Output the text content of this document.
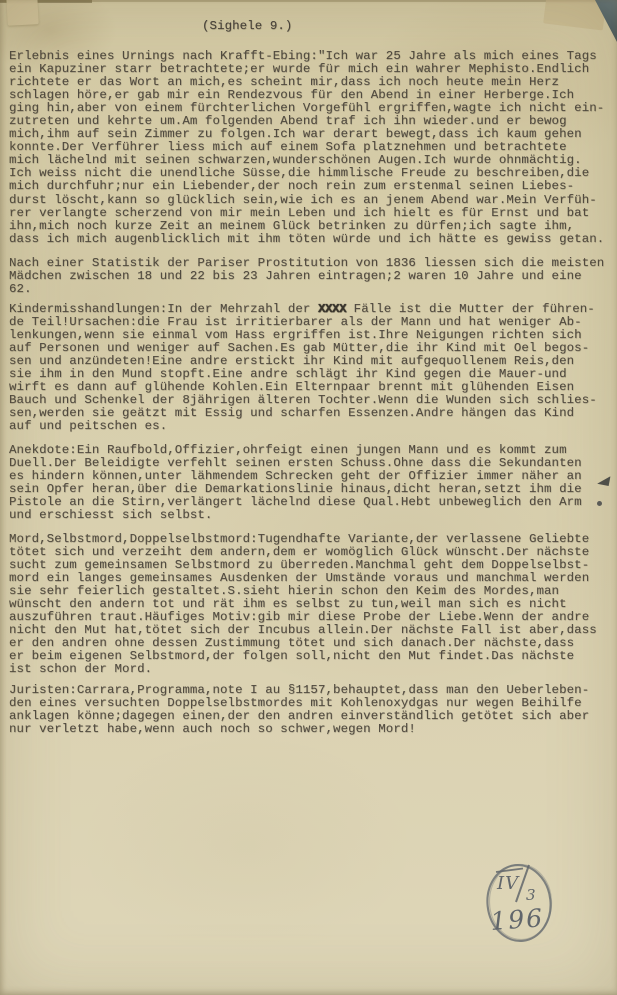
(Sighele 9.)
Erlebnis eines Urnings nach Krafft-Ebing:"Ich war 25 Jahre als mich eines Tags
ein Kapuziner starr betrachtete;er wurde für mich ein wahrer Mephisto.Endlich
richtete er das Wort an mich,es scheint mir,dass ich noch heute mein Herz
schlagen höre,er gab mir ein Rendezvous für den Abend in einer Herberge.Ich
ging hin,aber von einem fürchterlichen Vorgefühl ergriffen,wagte ich nicht ein-
zutreten und kehrte um.Am folgenden Abend traf ich ihn wieder.und er bewog
mich,ihm auf sein Zimmer zu folgen.Ich war derart bewegt,dass ich kaum gehen
konnte.Der Verführer liess mich auf einem Sofa platznehmen und betrachtete
mich lächelnd mit seinen schwarzen,wunderschönen Augen.Ich wurde ohnmächtig.
Ich weiss nicht die unendliche Süsse,die himmlische Freude zu beschreiben,die
mich durchfuhr;nur ein Liebender,der noch rein zum erstenmal seinen Liebes-
durst löscht,kann so glücklich sein,wie ich es an jenem Abend war.Mein Verfüh-
rer verlangte scherzend von mir mein Leben und ich hielt es für Ernst und bat
ihn,mich noch kurze Zeit an meinem Glück betrinken zu dürfen;ich sagte ihm,
dass ich mich augenblicklich mit ihm töten würde und ich hätte es gewiss getan.
Nach einer Statistik der Pariser Prostitution von 1836 liessen sich die meisten
Mädchen zwischen 18 und 22 bis 23 Jahren eintragen;2 waren 10 Jahre und eine
62.
Kindermisshandlungen:In der Mehrzahl der XXXX Fälle ist die Mutter der führen-
de Teil!Ursachen:die Frau ist irritierbarer als der Mann und hat weniger Ab-
lenkungen,wenn sie einmal vom Hass ergriffen ist.Ihre Neigungen richten sich
auf Personen und weniger auf Sachen.Es gab Mütter,die ihr Kind mit Oel begos-
sen und anzündeten!Eine andre erstickt ihr Kind mit aufgequollenem Reis,den
sie ihm in den Mund stopft.Eine andre schlägt ihr Kind gegen die Mauer-und
wirft es dann auf glühende Kohlen.Ein Elternpaar brennt mit glühenden Eisen
Bauch und Schenkel der 8jährigen älteren Tochter.Wenn die Wunden sich schlies-
sen,werden sie geätzt mit Essig und scharfen Essenzen.Andre hängen das Kind
auf und peitschen es.
Anekdote:Ein Raufbold,Offizier,ohrfeigt einen jungen Mann und es kommt zum
Duell.Der Beleidigte verfehlt seinen ersten Schuss.Ohne dass die Sekundanten
es hindern können,unter lähmendem Schrecken geht der Offizier immer näher an
sein Opfer heran,über die Demarkationslinie hinaus,dicht heran,setzt ihm die
Pistole an die Stirn,verlängert lächelnd diese Qual.Hebt unbeweglich den Arm
und erschiesst sich selbst.
Mord,Selbstmord,Doppelselbstmord:Tugendhafte Variante,der verlassene Geliebte
tötet sich und verzeiht dem andern,dem er womöglich Glück wünscht.Der nächste
sucht zum gemeinsamen Selbstmord zu überreden.Manchmal geht dem Doppelselbst-
mord ein langes gemeinsames Ausdenken der Umstände voraus und manchmal werden
sie sehr feierlich gestaltet.S.sieht hierin schon den Keim des Mordes,man
wünscht den andern tot und rät ihm es selbst zu tun,weil man sich es nicht
auszuführen traut.Häufiges Motiv:gib mir diese Probe der Liebe.Wenn der andre
nicht den Mut hat,tötet sich der Incubus allein.Der nächste Fall ist aber,dass
er den andren ohne dessen Zustimmung tötet und sich danach.Der nächste,dass
er beim eigenen Selbstmord,der folgen soll,nicht den Mut findet.Das nächste
ist schon der Mord.
Juristen:Carrara,Programma,note I au §1157,behauptet,dass man den Ueberleben-
den eines versuchten Doppelselbstmordes mit Kohlenoxydgas nur wegen Beihilfe
anklagen könne;dagegen einen,der den andren einverständlich getötet sich aber
nur verletzt habe,wenn auch noch so schwer,wegen Mord!
IV
3
196
